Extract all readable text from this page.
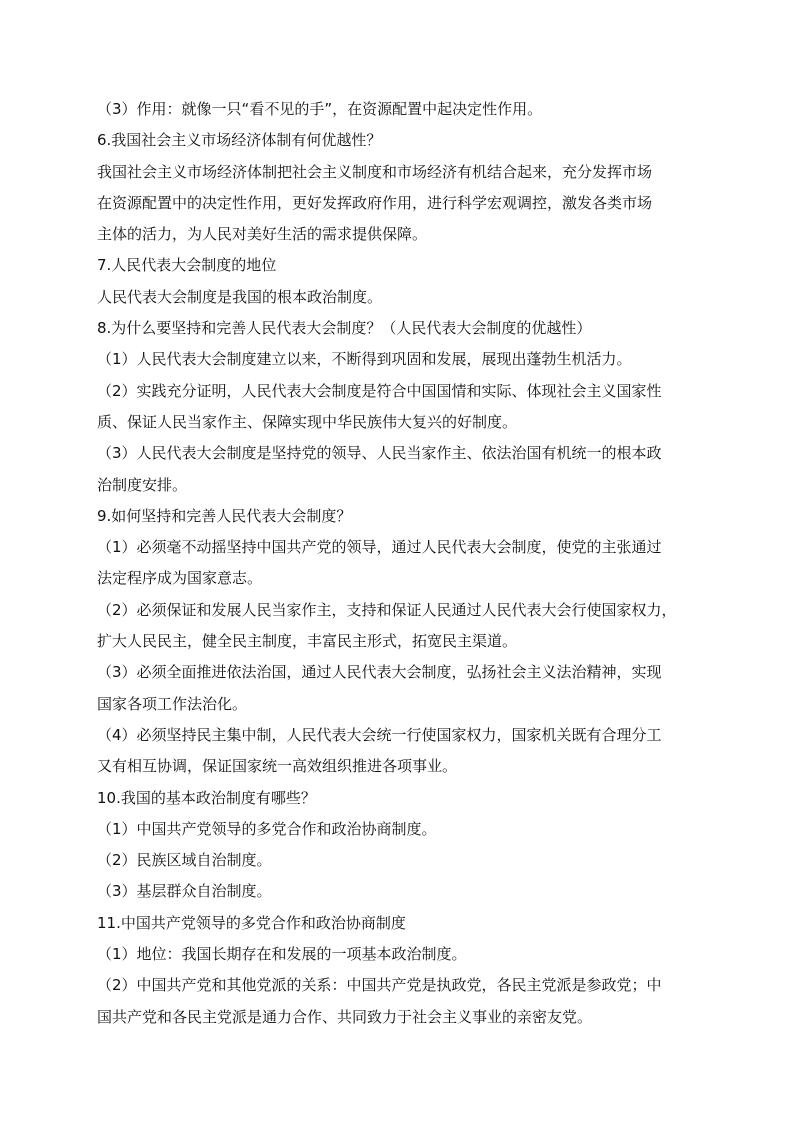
（3）作用：就像一只“看不见的手”，在资源配置中起决定性作用。
6.我国社会主义市场经济体制有何优越性？
我国社会主义市场经济体制把社会主义制度和市场经济有机结合起来，充分发挥市场
在资源配置中的决定性作用，更好发挥政府作用，进行科学宏观调控，激发各类市场
主体的活力，为人民对美好生活的需求提供保障。
7.人民代表大会制度的地位
人民代表大会制度是我国的根本政治制度。
8.为什么要坚持和完善人民代表大会制度？（人民代表大会制度的优越性）
（1）人民代表大会制度建立以来，不断得到巩固和发展，展现出蓬勃生机活力。
（2）实践充分证明，人民代表大会制度是符合中国国情和实际、体现社会主义国家性
质、保证人民当家作主、保障实现中华民族伟大复兴的好制度。
（3）人民代表大会制度是坚持党的领导、人民当家作主、依法治国有机统一的根本政
治制度安排。
9.如何坚持和完善人民代表大会制度？
（1）必须毫不动摇坚持中国共产党的领导，通过人民代表大会制度，使党的主张通过
法定程序成为国家意志。
（2）必须保证和发展人民当家作主，支持和保证人民通过人民代表大会行使国家权力，
扩大人民民主，健全民主制度，丰富民主形式，拓宽民主渠道。
（3）必须全面推进依法治国，通过人民代表大会制度，弘扬社会主义法治精神，实现
国家各项工作法治化。
（4）必须坚持民主集中制，人民代表大会统一行使国家权力，国家机关既有合理分工
又有相互协调，保证国家统一高效组织推进各项事业。
10.我国的基本政治制度有哪些？
（1）中国共产党领导的多党合作和政治协商制度。
（2）民族区域自治制度。
（3）基层群众自治制度。
11.中国共产党领导的多党合作和政治协商制度
（1）地位：我国长期存在和发展的一项基本政治制度。
（2）中国共产党和其他党派的关系：中国共产党是执政党，各民主党派是参政党；中
国共产党和各民主党派是通力合作、共同致力于社会主义事业的亲密友党。
